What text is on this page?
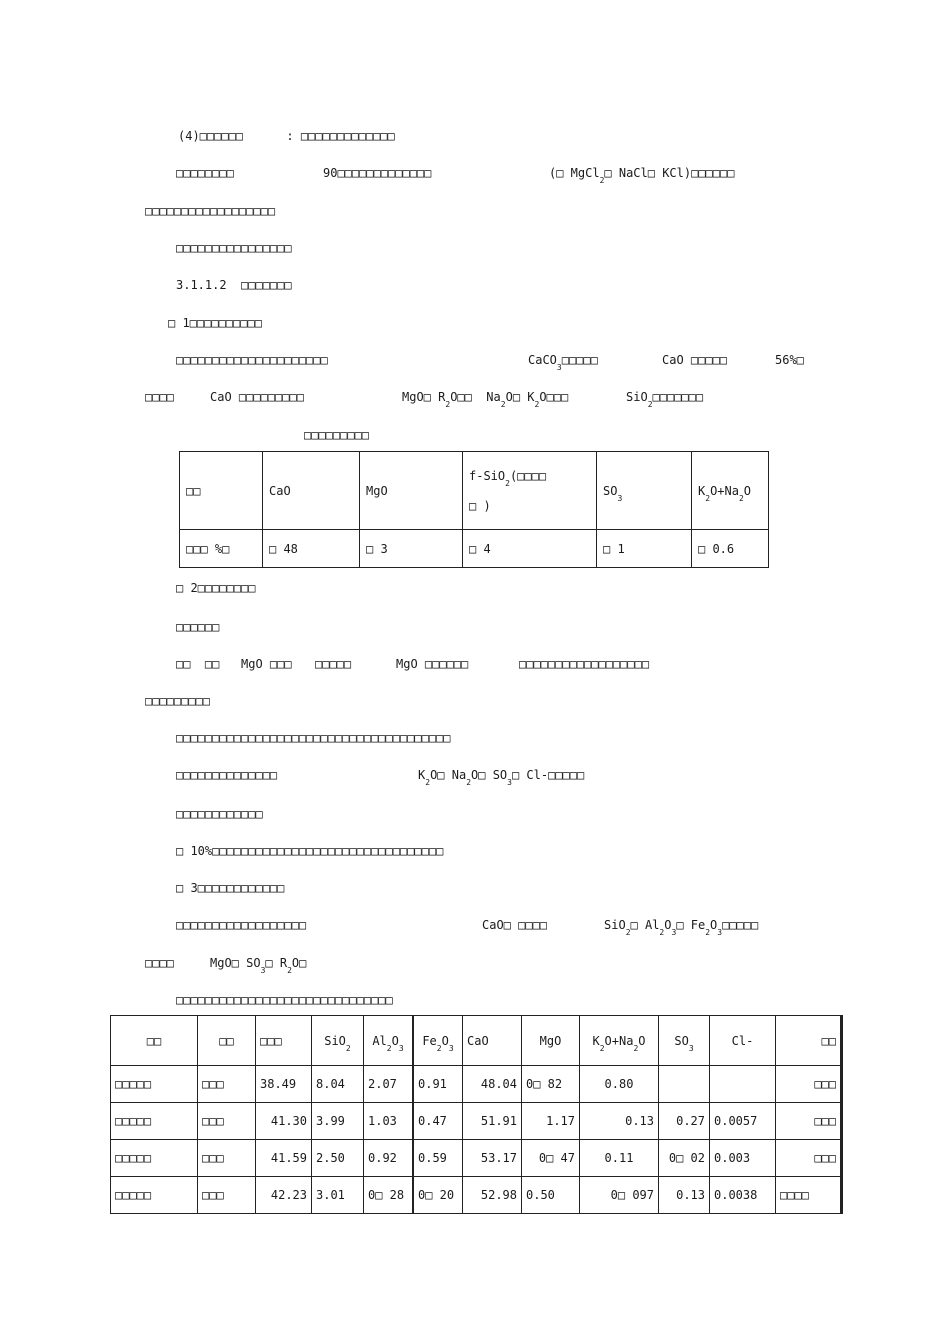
(4)□□□□□□      : □□□□□□□□□□□□□
□□□□□□□□	90□□□□□□□□□□□□□	(□ MgCl$_2$□ NaCl□ KCl)□□□□□□
□□□□□□□□□□□□□□□□□□
□□□□□□□□□□□□□□□□
3.1.1.2  □□□□□□□
□ 1□□□□□□□□□□
□□□□□□□□□□□□□□□□□□□□□	CaCO$_3$□□□□□	CaO □□□□□	56%□
□□□□	CaO □□□□□□□□□	MgO□ $R_2O□□$  $Na_2O□$ $K_2O□□□$	SiO$_2$□□□□□□□
□□□□□□□□□
□□	CaO	MgO	f-SiO$_2$(□□□□
□ )	$SO_3$	$K_2O+Na_2O$
□□□ %□	□ 48	□ 3	□ 4	□ 1	□ 0.6
□ 2□□□□□□□□
□□□□□□
□□  □□ MgO □□□ □□□□□	MgO □□□□□□	□□□□□□□□□□□□□□□□□□
□□□□□□□□□
□□□□□□□□□□□□□□□□□□□□□□□□□□□□□□□□□□□□□□
□□□□□□□□□□□□□□	$K_2O□$ $Na_2O□$ $SO_3□$ Cl-□□□□□
□□□□□□□□□□□□
□ 10%□□□□□□□□□□□□□□□□□□□□□□□□□□□□□□□□
□ 3□□□□□□□□□□□□
□□□□□□□□□□□□□□□□□□	CaO□ □□□□	SiO$_2$□ $Al_2O_3□$ $Fe_2O_3□□□□□$
□□□□	MgO□ $SO_3□$ $R_2O□$
□□□□□□□□□□□□□□□□□□□□□□□□□□□□□□
□□	□□	□□□	SiO$_2$	$Al_2O_3$	$Fe_2O_3$	CaO	MgO	$K_2O+Na_2O$	$SO_3$	Cl-	□□
□□□□□	□□□	38.49	8.04	2.07	0.91	48.04	0□ 82	0.80			□□□
□□□□□	□□□	41.30	3.99	1.03	0.47	51.91	1.17	0.13	0.27	0.0057	□□□
□□□□□	□□□	41.59	2.50	0.92	0.59	53.17	0□ 47	0.11	0□ 02	0.003	□□□
□□□□□	□□□	42.23	3.01	0□ 28	0□ 20	52.98	0.50	0□ 097	0.13	0.0038	□□□□
